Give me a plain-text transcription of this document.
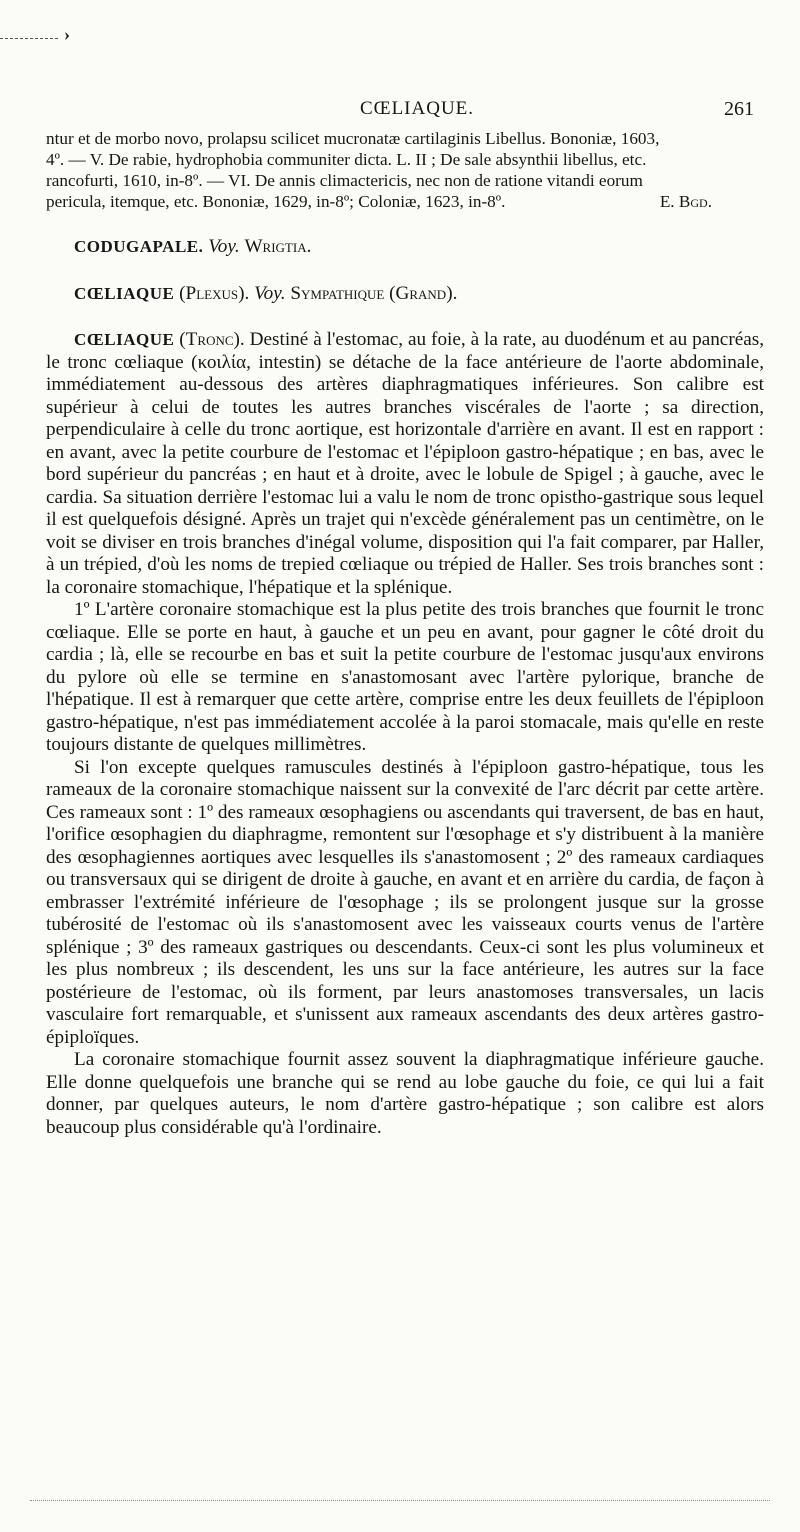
›
CŒLIAQUE.	261

ntur et de morbo novo, prolapsu scilicet mucronatæ cartilaginis Libellus. Bononiæ, 1603,

4º. — V. De rabie, hydrophobia communiter dicta. L. II ; De sale absynthii libellus, etc.

rancofurti, 1610, in-8º. — VI. De annis climactericis, nec non de ratione vitandi eorum

pericula, itemque, etc. Bononiæ, 1629, in-8º; Coloniæ, 1623, in-8º.	E. Bgd.

CODUGAPALE. Voy. Wrigtia.

CŒLIAQUE (Plexus). Voy. Sympathique (Grand).

CŒLIAQUE (Tronc). Destiné à l'estomac, au foie, à la rate, au duodénum et au pancréas, le tronc cœliaque (κοιλία, intestin) se détache de la face antérieure de l'aorte abdominale, immédiatement au-dessous des artères diaphragmatiques inférieures. Son calibre est supérieur à celui de toutes les autres branches viscérales de l'aorte ; sa direction, perpendiculaire à celle du tronc aortique, est horizontale d'arrière en avant. Il est en rapport : en avant, avec la petite courbure de l'estomac et l'épiploon gastro-hépatique ; en bas, avec le bord supérieur du pancréas ; en haut et à droite, avec le lobule de Spigel ; à gauche, avec le cardia. Sa situation derrière l'estomac lui a valu le nom de tronc opistho-gastrique sous lequel il est quelquefois désigné. Après un trajet qui n'excède généralement pas un centimètre, on le voit se diviser en trois branches d'inégal volume, disposition qui l'a fait comparer, par Haller, à un trépied, d'où les noms de trepied cœliaque ou trépied de Haller. Ses trois branches sont : la coronaire stomachique, l'hépatique et la splénique.

1º L'artère coronaire stomachique est la plus petite des trois branches que fournit le tronc cœliaque. Elle se porte en haut, à gauche et un peu en avant, pour gagner le côté droit du cardia ; là, elle se recourbe en bas et suit la petite courbure de l'estomac jusqu'aux environs du pylore où elle se termine en s'anastomosant avec l'artère pylorique, branche de l'hépatique. Il est à remarquer que cette artère, comprise entre les deux feuillets de l'épiploon gastro-hépatique, n'est pas immédiatement accolée à la paroi stomacale, mais qu'elle en reste toujours distante de quelques millimètres.

Si l'on excepte quelques ramuscules destinés à l'épiploon gastro-hépatique, tous les rameaux de la coronaire stomachique naissent sur la convexité de l'arc décrit par cette artère. Ces rameaux sont : 1º des rameaux œsophagiens ou ascendants qui traversent, de bas en haut, l'orifice œsophagien du diaphragme, remontent sur l'œsophage et s'y distribuent à la manière des œsophagiennes aortiques avec lesquelles ils s'anastomosent ; 2º des rameaux cardiaques ou transversaux qui se dirigent de droite à gauche, en avant et en arrière du cardia, de façon à embrasser l'extrémité inférieure de l'œsophage ; ils se prolongent jusque sur la grosse tubérosité de l'estomac où ils s'anastomosent avec les vaisseaux courts venus de l'artère splénique ; 3º des rameaux gastriques ou descendants. Ceux-ci sont les plus volumineux et les plus nombreux ; ils descendent, les uns sur la face antérieure, les autres sur la face postérieure de l'estomac, où ils forment, par leurs anastomoses transversales, un lacis vasculaire fort remarquable, et s'unissent aux rameaux ascendants des deux artères gastro-épiploïques.

La coronaire stomachique fournit assez souvent la diaphragmatique inférieure gauche. Elle donne quelquefois une branche qui se rend au lobe gauche du foie, ce qui lui a fait donner, par quelques auteurs, le nom d'artère gastro-hépatique ; son calibre est alors beaucoup plus considérable qu'à l'ordinaire.
